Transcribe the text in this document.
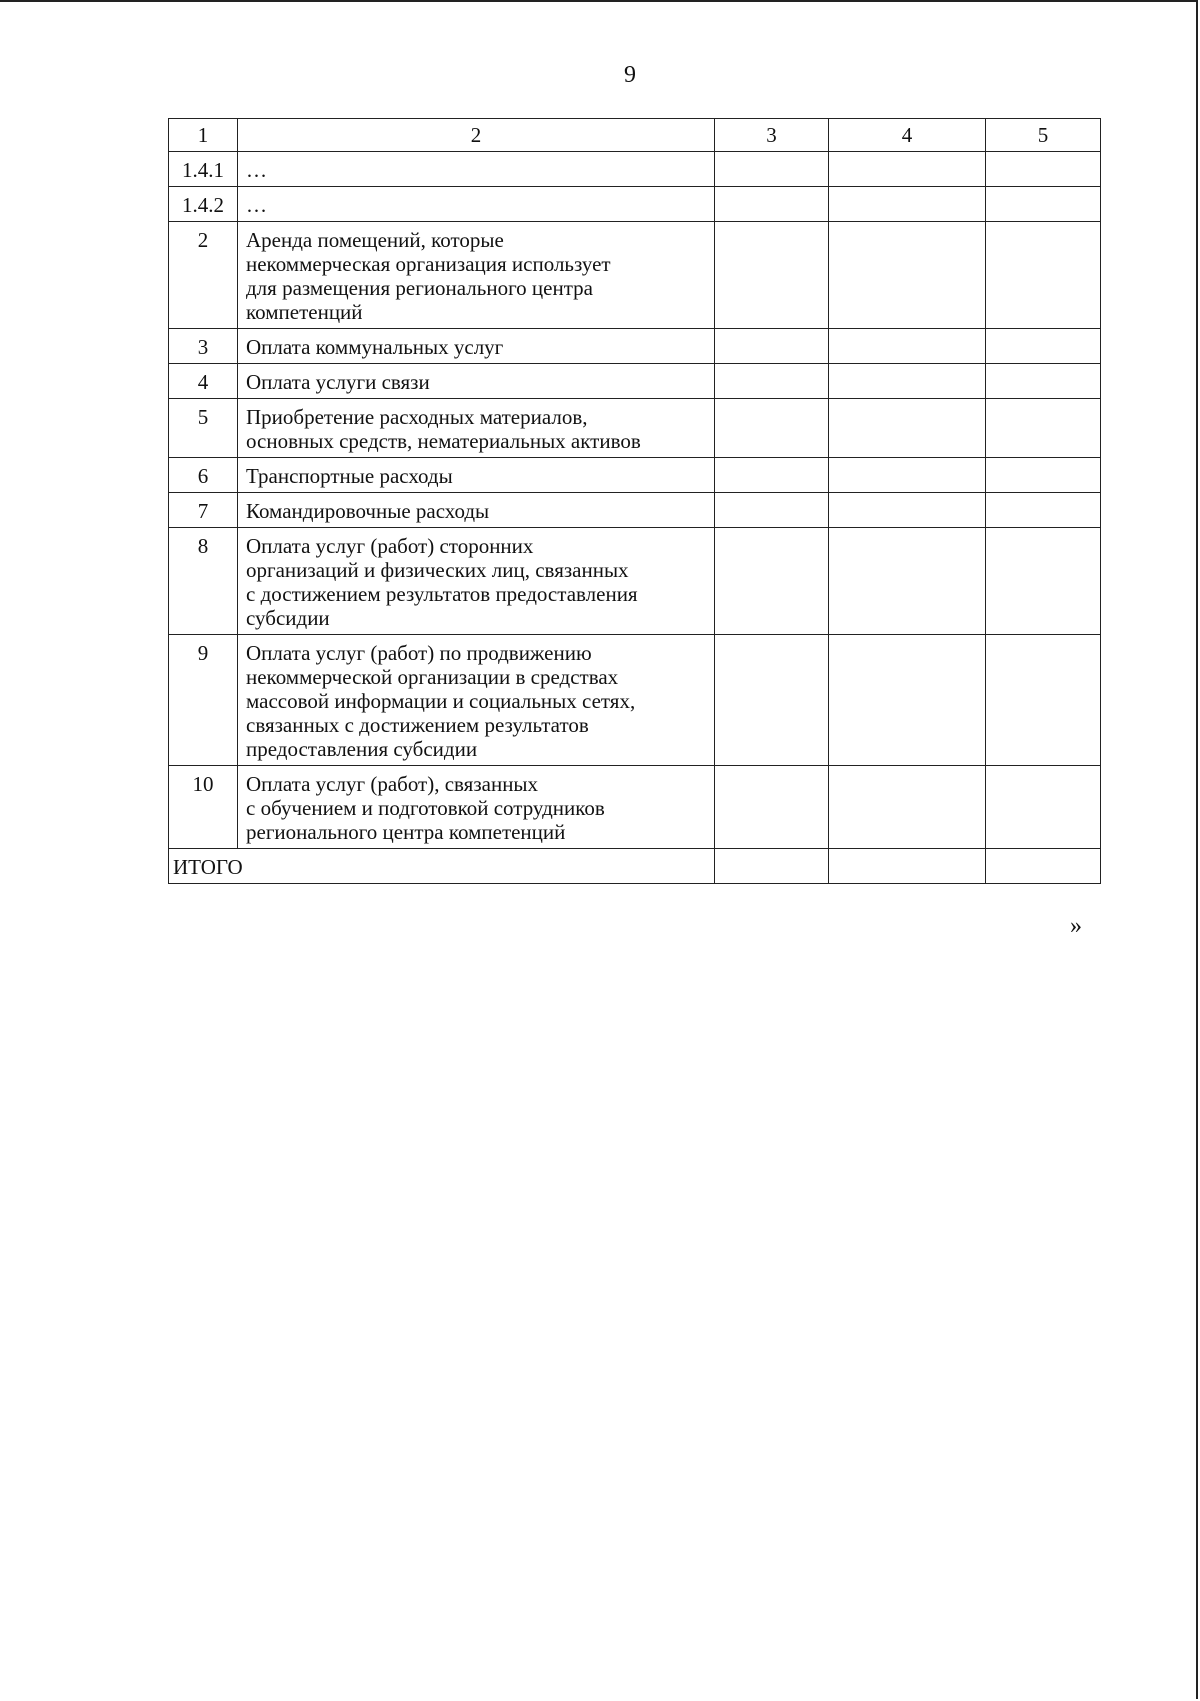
9
1	2	3	4	5
1.4.1	…			
1.4.2	…			
2	Аренда помещений, которые
некоммерческая организация использует
для размещения регионального центра
компетенций			
3	Оплата коммунальных услуг			
4	Оплата услуги связи			
5	Приобретение расходных материалов,
основных средств, нематериальных активов			
6	Транспортные расходы			
7	Командировочные расходы			
8	Оплата услуг (работ) сторонних
организаций и физических лиц, связанных
с достижением результатов предоставления
субсидии			
9	Оплата услуг (работ) по продвижению
некоммерческой организации в средствах
массовой информации и социальных сетях,
связанных с достижением результатов
предоставления субсидии			
10	Оплата услуг (работ), связанных
с обучением и подготовкой сотрудников
регионального центра компетенций			
ИТОГО				
»
